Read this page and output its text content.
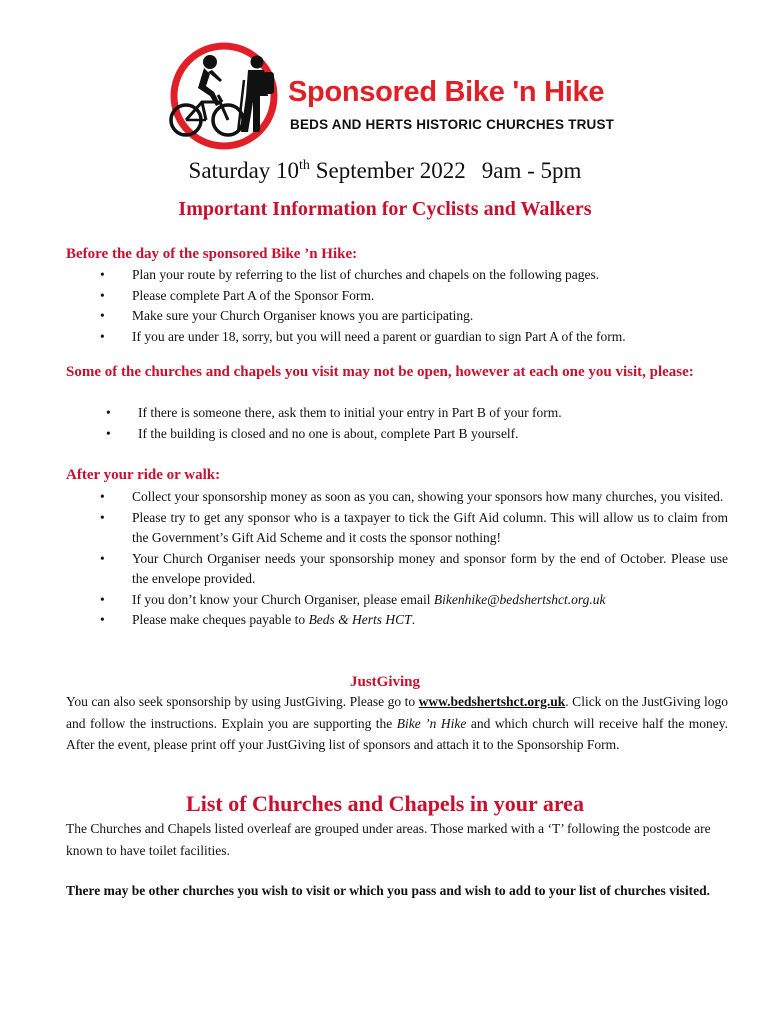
Sponsored Bike 'n Hike
BEDS AND HERTS HISTORIC CHURCHES TRUST
Saturday 10th September 2022 9am - 5pm
Important Information for Cyclists and Walkers
Before the day of the sponsored Bike ’n Hike:
• Plan your route by referring to the list of churches and chapels on the following pages.
• Please complete Part A of the Sponsor Form.
• Make sure your Church Organiser knows you are participating.
• If you are under 18, sorry, but you will need a parent or guardian to sign Part A of the form.
Some of the churches and chapels you visit may not be open, however at each one you visit, please:
• If there is someone there, ask them to initial your entry in Part B of your form.
• If the building is closed and no one is about, complete Part B yourself.
After your ride or walk:
• Collect your sponsorship money as soon as you can, showing your sponsors how many churches, you visited.
• Please try to get any sponsor who is a taxpayer to tick the Gift Aid column. This will allow us to claim from the Government’s Gift Aid Scheme and it costs the sponsor nothing!
• Your Church Organiser needs your sponsorship money and sponsor form by the end of October. Please use the envelope provided.
• If you don’t know your Church Organiser, please email Bikenhike@bedshertshct.org.uk
• Please make cheques payable to Beds & Herts HCT.
JustGiving
You can also seek sponsorship by using JustGiving. Please go to www.bedshertshct.org.uk. Click on the JustGiving logo and follow the instructions. Explain you are supporting the Bike ’n Hike and which church will receive half the money. After the event, please print off your JustGiving list of sponsors and attach it to the Sponsorship Form.
List of Churches and Chapels in your area
The Churches and Chapels listed overleaf are grouped under areas. Those marked with a ‘T’ following the postcode are known to have toilet facilities.
There may be other churches you wish to visit or which you pass and wish to add to your list of churches visited.
